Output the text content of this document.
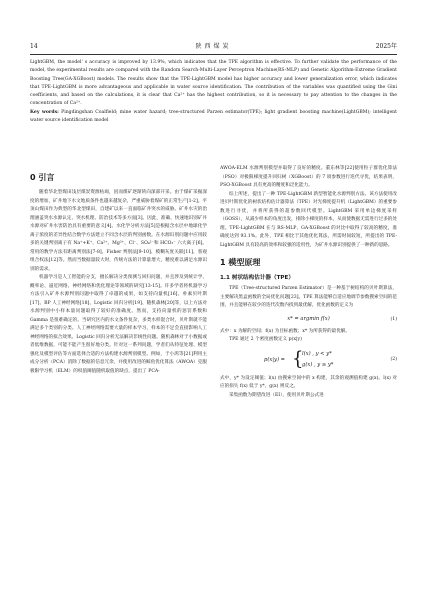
14	陕西煤炭	2025年

LightGBM, the model' s accuracy is improved by 13.9%, which indicates that the TPE algorithm is effective. To further validate the performance of the model, the experimental results are compared with the Random Search-Multi-Layer Perceptron Machine(RS-MLP) and Genetic Algorithm-Extreme Gradient Boosting Tree(GA-XGBoost) models. The results show that the TPE-LightGBM model has higher accuracy and lower generalization error, which indicates that TPE-LightGBM is more advantageous and applicable in water source identification. The contribution of the variables was quantified using the Gini coefficients, and based on the calculations, it is clear that Ca²⁺ has the highest contribution, so it is necessary to pay attention to the changes in the concentration of Ca²⁺.

Key words: Pingdingshan Coalfield; mine water hazard; tree-structured Parzen estimator(TPE); light gradient boosting machine(LightGBM); intelligent water source identification model

0 引言

随着华北型煤田浅层煤炭资源枯竭，因而煤矿逐渐转向深部开采。由于煤矿采掘深度的增加，矿井地下水文地质条件也越来越复杂，严重威胁着煤矿的正常生产[1-2]。平顶山煤田作为典型的华北型煤田，自建矿以来一直面临矿井突水的威胁。矿井水灾的治理涵盖突水水源认定、突水机理、防治技术等多方面[3]。因此，准确、快速地识别矿井水源对矿井水害防治具有重要的意义[4]。水化学分析方法[5]是根据含水层中地球化学离子浓度的差异性结合数学方法建立不同含水层的判别函数。在水源识别问题中应用较多的关键判别离子有 Na⁺+K⁺、Ca²⁺、Mg²⁺、Cl⁻、SO₄²⁻和 HCO₃⁻ 六大离子[6]。常用的数学方法有距离判别法[7-8]、Fisher 判别法[9-10]、模糊灰度关联[11]、客观组合权法[12]等。然而当数据量较大时，传统方法的计算量增大，精度难以满足水源识别的需求。

机器学习是人工智能的分支，擅长解决分类预测与回归问题，并且涉及到统计学、概率论、逼近网络、神经网络和优化理论等领域的研究[13-15]。许多学者将机器学习方法引入矿井水源判别问题中取得了卓越的成果，如支持向量机[16]、朴素贝叶斯[17]、BP 人工神经网络[18]、Logistic 回归分析[19]、随机森林[20]等，以上方法对水源判别中小样本量问题取得了较好的准确度。然而，支持向量机的惩罚系数和 Gamma 是很难确定的。当研究区内的水文条件复杂，多类水样混合时，贝叶斯就不能满足多个类别的分类。人工神经网络需要大量的样本学习，样本的不足会直接影响人工神经网络的拟合效果。Logistic 回归分析无法解决非线性问题。随机森林对于小数据或者低维数据，可能不能产生很好地分类。针对这一系列问题，学者们从特征处理、模型强化及模型评估等方面选择合适的方法构建水源判别模型。例如，于小鸿等[21]利用主成分分析（PCA）消除了数据的信息冗余，并使用改进的鲸鱼优化算法（AWOA）克服极限学习机（ELM）的权值阈值随机取值的缺点，提出了 PCA-

AWOA-ELM 水源判别模型并取得了良好的精度。董东林等[22]使用粒子群优化算法（PSO）对极限梯度提升回归树（XGBoost）的 7 项参数进行迭代寻优，结果表明，PSO-XGBoost 具有更高的精度和泛化能力。

综上所述，提出了一种 TPE-LightGBM 新型智能化水源判别方法。该方法使用改进贝叶斯优化的树状结构估计器算法（TPE）对光梯度提升机（LightGBM）的重要参数进行寻优，并将所获得的超参数回代模型。LightGBM 采用单边梯度采样（GOSS），从减少样本的角度出发，排除小梯度的样本，从而使数据无需进行过多的处理。TPE-LightGBM 在与 RS-MLP、GA-XGBoost 的对比中取得了较高的精度，准确度达到 93.1%。此外，TPE 相比于其他优化算法，所需时间较短，所提出的 TPE-LightGBM 具有较高的效率和较强的适用性，为矿井水源识别提供了一种新的思路。

1 模型原理
1.1 树状结构估计器（TPE）

TPE（Tree-structured Parzen Estimator）是一种基于树结构的贝叶斯算法，主要解决黑盒函数的全局优化问题[23]。TPE 算法能够自适应地调节参数搜索空间的范围，并且能够在较少的迭代次数内找到最优解，优化函数的定义为

x* = argmin f(x)	(1)

式中：x 为解的空间；f(x) 为目标函数；x* 为所获得的最优解。

TPE 通过 2 个密度函数定义 p(x|y)

p(x|y) = {
l(x) , y < y*
g(x) , y ≥ y*
(2)

式中，y* 为设定阈值；l(x) 由搜索空间中的 x 构建，其余的观测值构建 g(x)。l(x) 对应的损失 f(x) 低于 y*，g(x) 则反之。

采集函数为期望改进（EI），使用贝叶斯公式进
